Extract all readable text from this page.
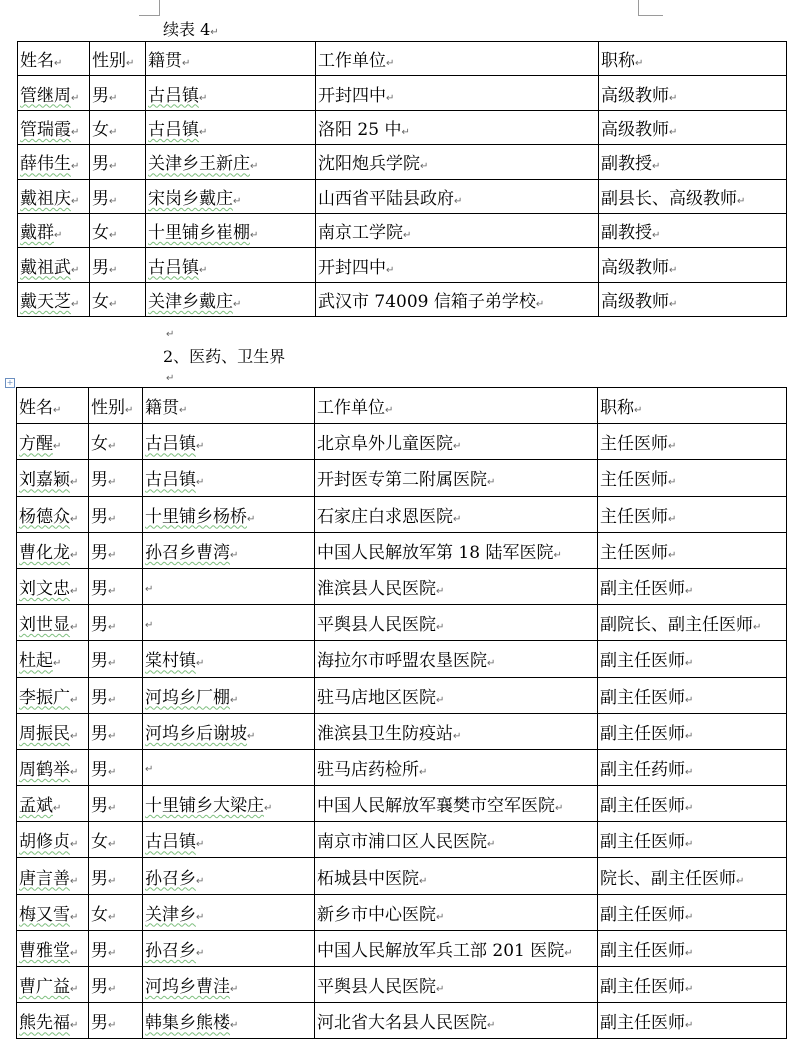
续表 4↵
姓名↵	性别↵	籍贯↵	工作单位↵	职称↵
管继周↵	男↵	古吕镇↵	开封四中↵	高级教师↵
管瑞霞↵	女↵	古吕镇↵	洛阳 25 中↵	高级教师↵
薛伟生↵	男↵	关津乡王新庄↵	沈阳炮兵学院↵	副教授↵
戴祖庆↵	男↵	宋岗乡戴庄↵	山西省平陆县政府↵	副县长、高级教师↵
戴群↵	女↵	十里铺乡崔棚↵	南京工学院↵	副教授↵
戴祖武↵	男↵	古吕镇↵	开封四中↵	高级教师↵
戴天芝↵	女↵	关津乡戴庄↵	武汉市 74009 信箱子弟学校↵	高级教师↵
↵
2、医药、卫生界
↵
+
姓名↵	性别↵	籍贯↵	工作单位↵	职称↵
方醒↵	女↵	古吕镇↵	北京阜外儿童医院↵	主任医师↵
刘嘉颖↵	男↵	古吕镇↵	开封医专第二附属医院↵	主任医师↵
杨德众↵	男↵	十里铺乡杨桥↵	石家庄白求恩医院↵	主任医师↵
曹化龙↵	男↵	孙召乡曹湾↵	中国人民解放军第 18 陆军医院↵	主任医师↵
刘文忠↵	男↵	↵	淮滨县人民医院↵	副主任医师↵
刘世显↵	男↵	↵	平舆县人民医院↵	副院长、副主任医师↵
杜起↵	男↵	棠村镇↵	海拉尔市呼盟农垦医院↵	副主任医师↵
李振广↵	男↵	河坞乡厂棚↵	驻马店地区医院↵	副主任医师↵
周振民↵	男↵	河坞乡后谢坡↵	淮滨县卫生防疫站↵	副主任医师↵
周鹤举↵	男↵	↵	驻马店药检所↵	副主任药师↵
孟斌↵	男↵	十里铺乡大梁庄↵	中国人民解放军襄樊市空军医院↵	副主任医师↵
胡修贞↵	女↵	古吕镇↵	南京市浦口区人民医院↵	副主任医师↵
唐言善↵	男↵	孙召乡↵	柘城县中医院↵	院长、副主任医师↵
梅又雪↵	女↵	关津乡↵	新乡市中心医院↵	副主任医师↵
曹雅堂↵	男↵	孙召乡↵	中国人民解放军兵工部 201 医院↵	副主任医师↵
曹广益↵	男↵	河坞乡曹洼↵	平舆县人民医院↵	副主任医师↵
熊先福↵	男↵	韩集乡熊楼↵	河北省大名县人民医院↵	副主任医师↵
